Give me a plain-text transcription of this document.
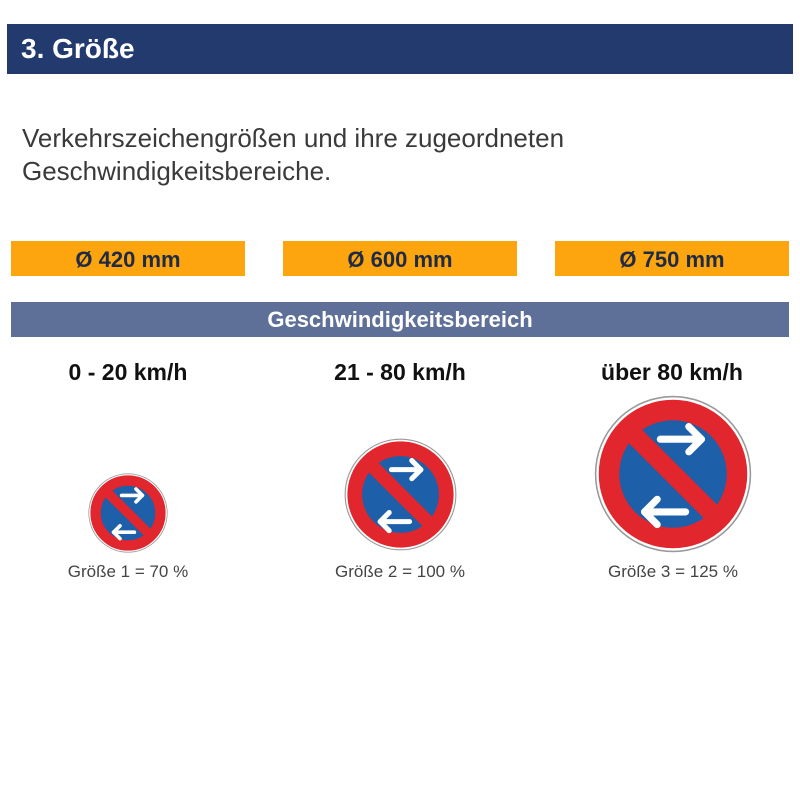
3. Größe
Verkehrszeichengrößen und ihre zugeordneten Geschwindigkeitsbereiche.
Ø 420 mm	Ø 600 mm	Ø 750 mm
Geschwindigkeitsbereich
0 - 20 km/h	21 - 80 km/h	über 80 km/h
Größe 1 = 70 %	Größe 2 = 100 %	Größe 3 = 125 %
